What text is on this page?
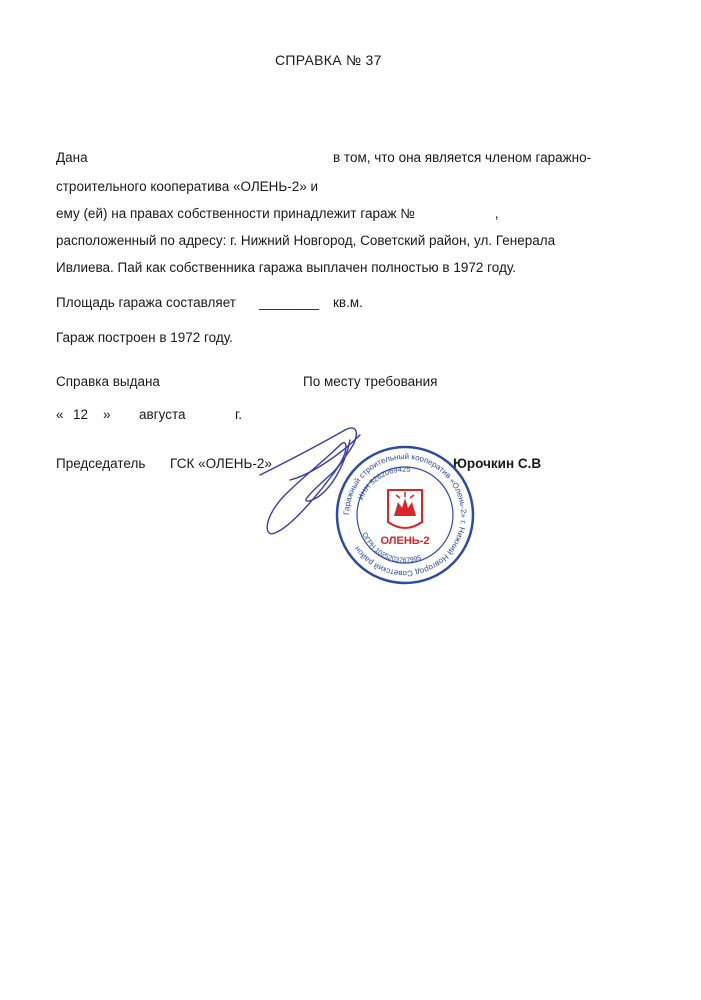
СПРАВКА № 37
Дана	в том, что она является членом гаражно-
строительного кооператива «ОЛЕНЬ-2» и
ему (ей) на правах собственности принадлежит гараж №	,
расположенный по адресу: г. Нижний Новгород, Советский район, ул. Генерала
Ивлиева. Пай как собственника гаража выплачен полностью в 1972 году.
Площадь гаража составляет ________ кв.м.
Гараж построен в 1972 году.
Справка выдана	По месту требования
« 12 » августа	г.
Председатель ГСК «ОЛЕНЬ-2»	Юрочкин С.В
Гаражный строительный кооператив «Олень-2» г. Нижний Новгород Советский район
ИНН 5262069425
ОГРН 1025203767995
ОЛЕНЬ-2
